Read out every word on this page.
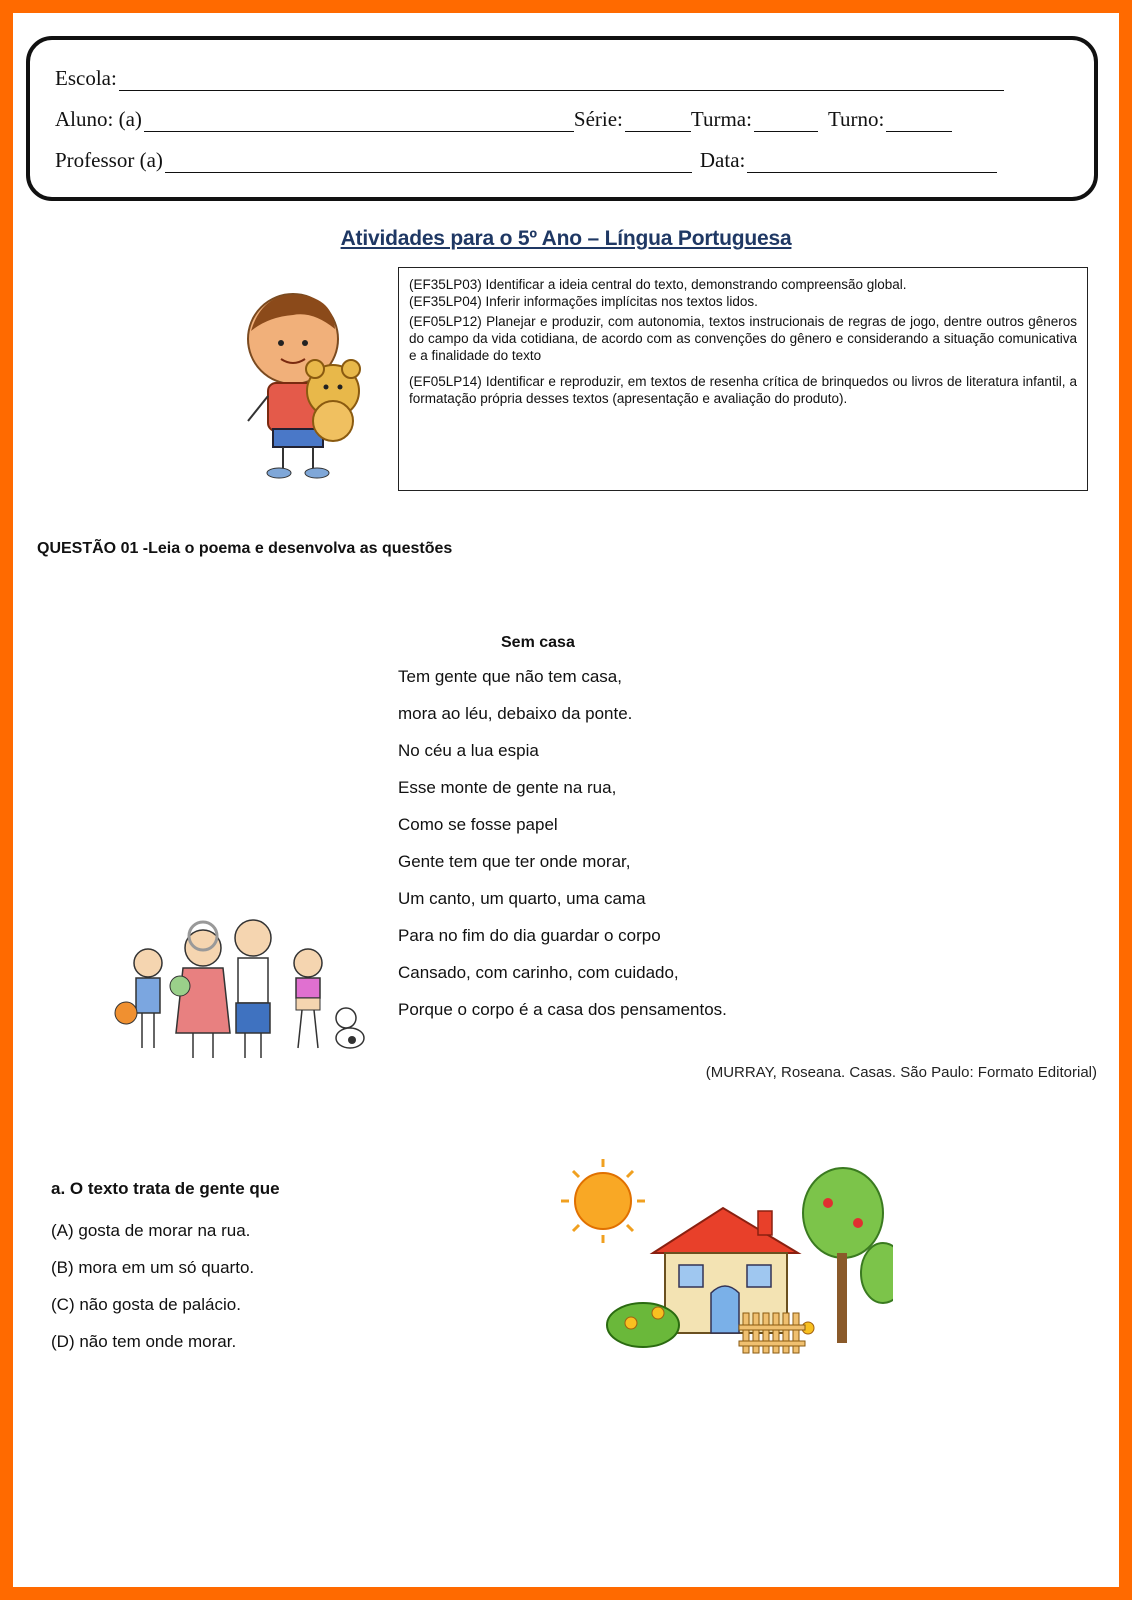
Escola:
Aluno: (a)	Série:	Turma:	Turno:
Professor (a)	Data:
Atividades para o 5º Ano – Língua Portuguesa

(EF35LP03) Identificar a ideia central do texto, demonstrando compreensão global.

(EF35LP04) Inferir informações implícitas nos textos lidos.

(EF05LP12) Planejar e produzir, com autonomia, textos instrucionais de regras de jogo, dentre outros gêneros do campo da vida cotidiana, de acordo com as convenções do gênero e considerando a situação comunicativa e a finalidade do texto

(EF05LP14) Identificar e reproduzir, em textos de resenha crítica de brinquedos ou livros de literatura infantil, a formatação própria desses textos (apresentação e avaliação do produto).

QUESTÃO 01 -Leia o poema e desenvolva as questões
Sem casa
Tem gente que não tem casa,
mora ao léu, debaixo da ponte.
No céu a lua espia
Esse monte de gente na rua,
Como se fosse papel
Gente tem que ter onde morar,
Um canto, um quarto, uma cama
Para no fim do dia guardar o corpo
Cansado, com carinho, com cuidado,
Porque o corpo é a casa dos pensamentos.
(MURRAY, Roseana. Casas. São Paulo: Formato Editorial)
a. O texto trata de gente que
(A) gosta de morar na rua.
(B) mora em um só quarto.
(C) não gosta de palácio.
(D) não tem onde morar.
